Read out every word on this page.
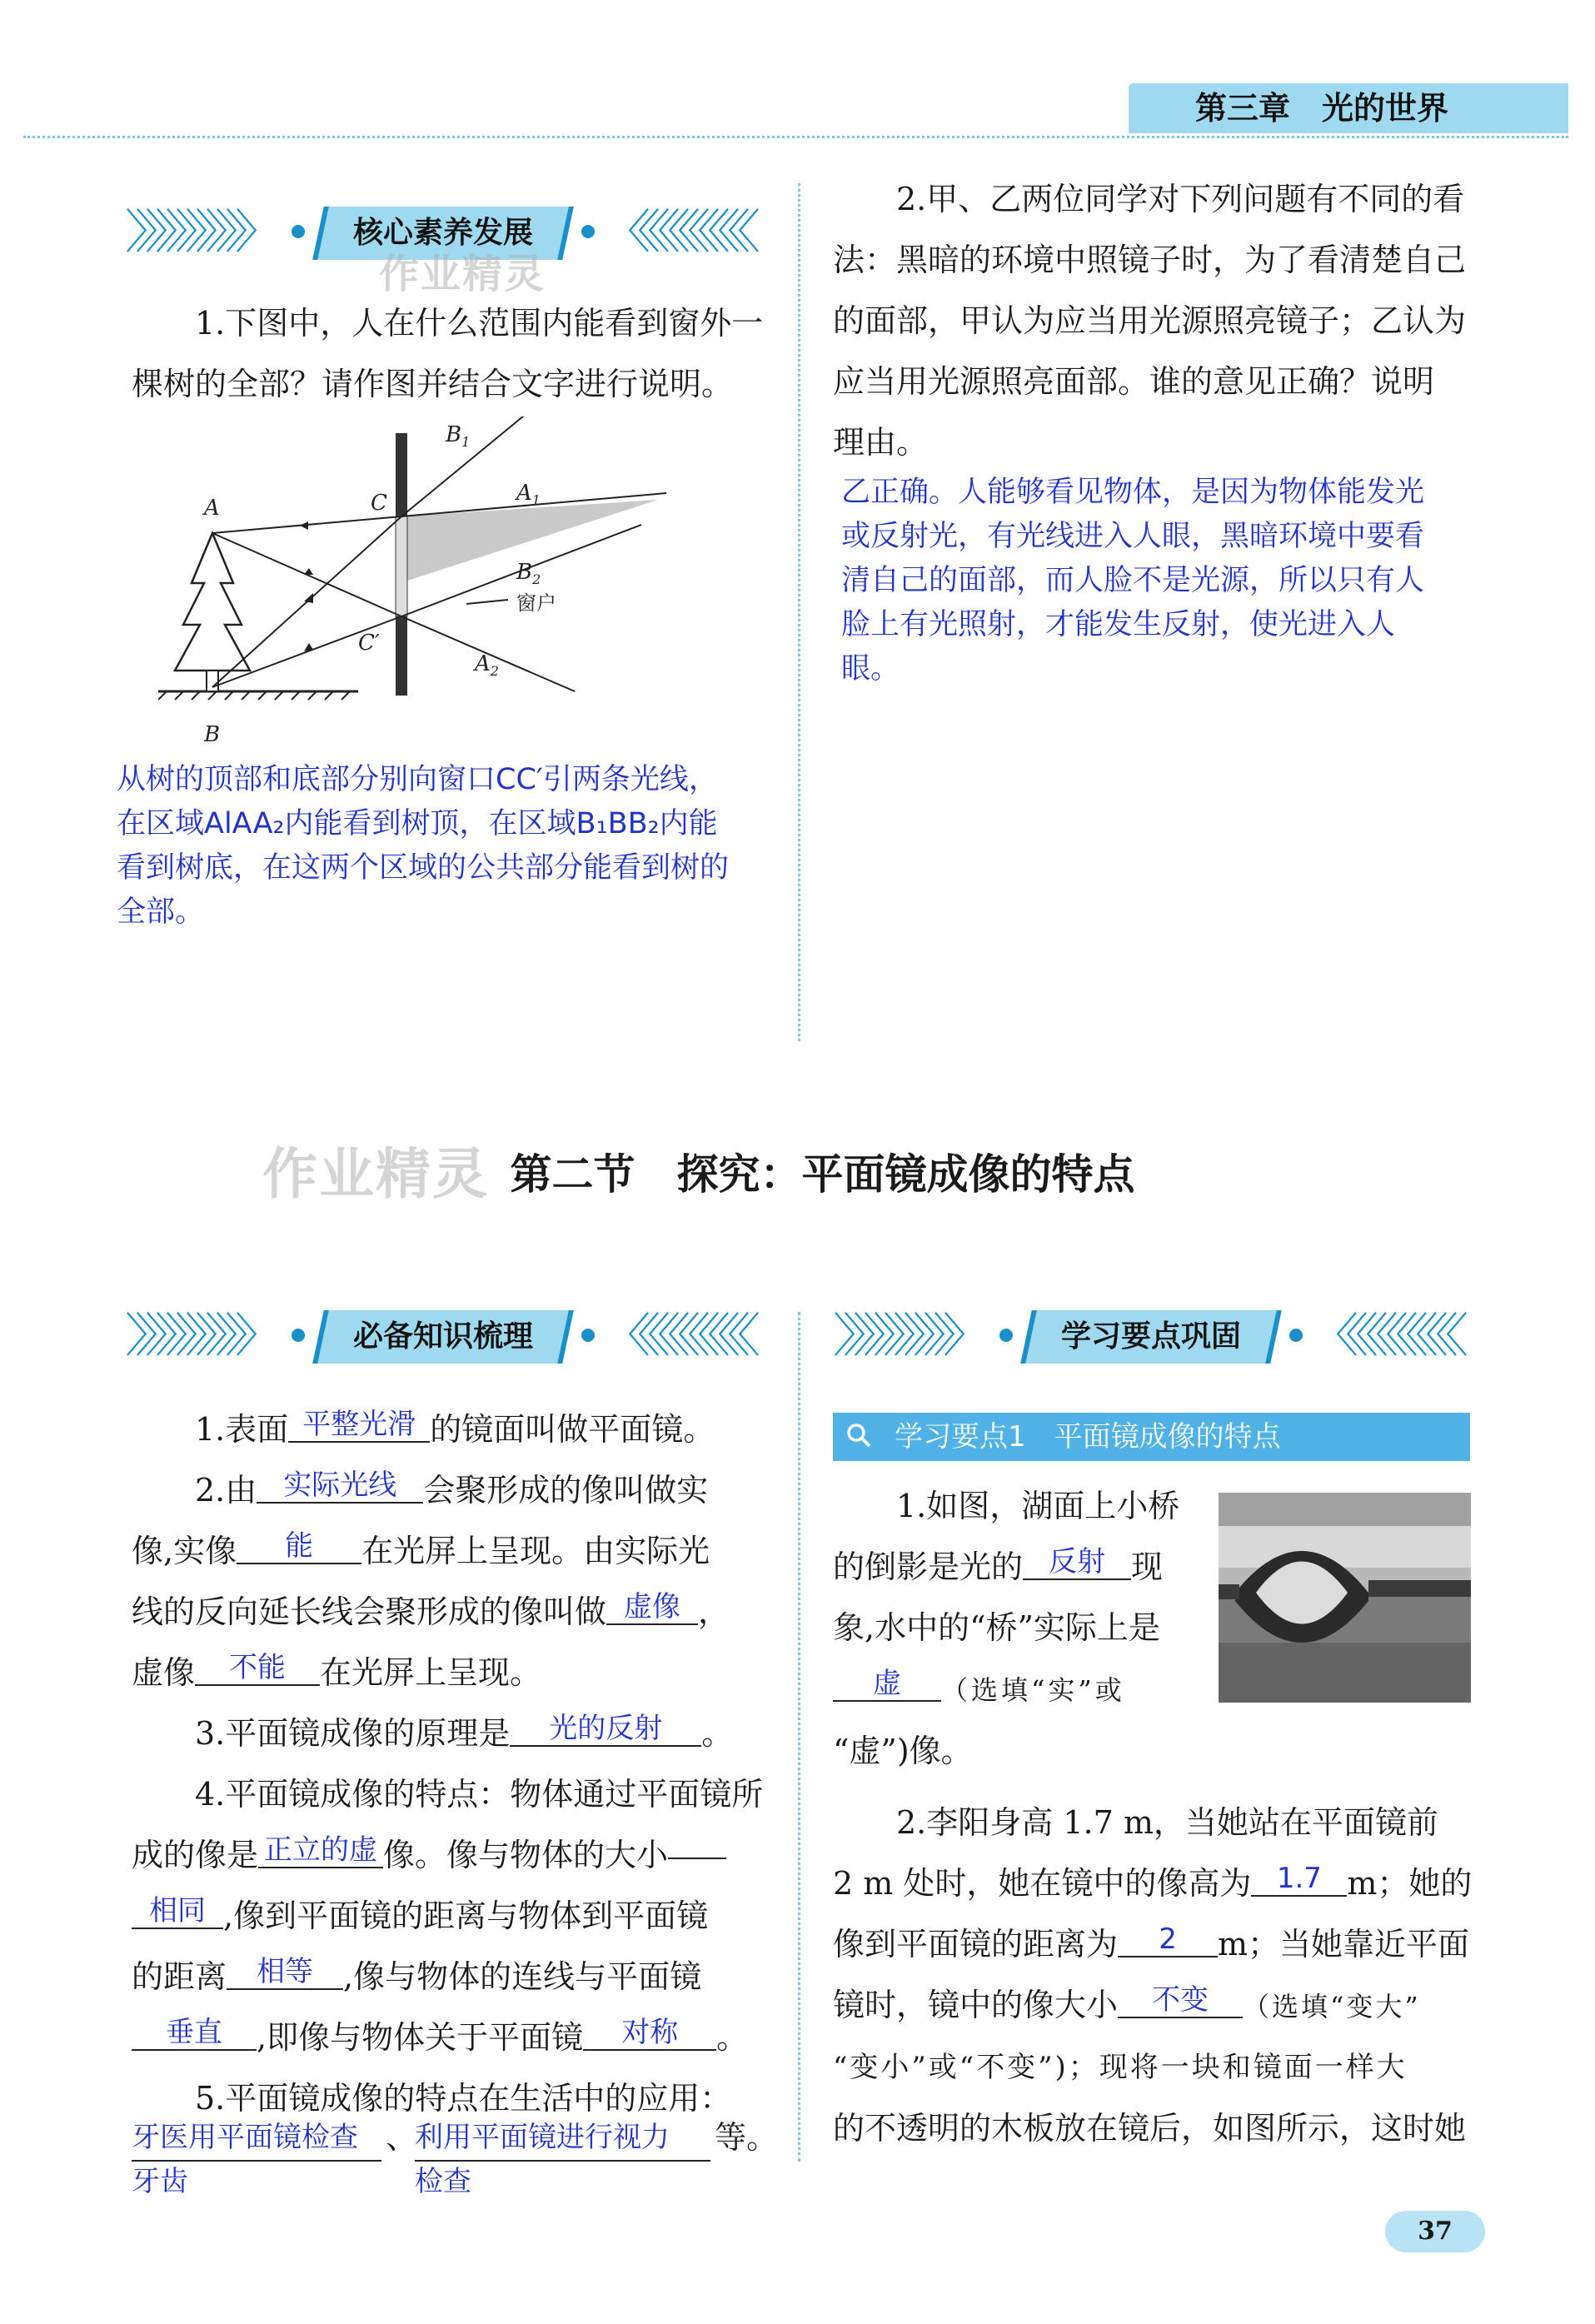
第三章　光的世界
〉〉〉〉〉〉〉〉〉〉〉〉	核心素养发展	〈〈〈〈〈〈〈〈〈〈〈〈
作业精灵
1.下图中，人在什么范围内能看到窗外一
棵树的全部？请作图并结合文字进行说明。
A
B
C
C′
$B_1$
$A_1$
$B_2$
$A_2$
窗户
从树的顶部和底部分别向窗口CC′引两条光线，
在区域AlAA₂内能看到树顶，在区域B₁BB₂内能
看到树底，在这两个区域的公共部分能看到树的
全部。
2.甲、乙两位同学对下列问题有不同的看
法：黑暗的环境中照镜子时，为了看清楚自己
的面部，甲认为应当用光源照亮镜子；乙认为
应当用光源照亮面部。谁的意见正确？说明
理由。
乙正确。人能够看见物体，是因为物体能发光
或反射光，有光线进入人眼，黑暗环境中要看
清自己的面部，而人脸不是光源，所以只有人
脸上有光照射，才能发生反射，使光进入人
眼。
作业精灵 第二节　探究：平面镜成像的特点
〉〉〉〉〉〉〉〉〉〉〉〉	必备知识梳理	〈〈〈〈〈〈〈〈〈〈〈〈	〉〉〉〉〉〉〉〉〉〉〉〉	学习要点巩固	〈〈〈〈〈〈〈〈〈〈〈〈
1.表面 平整光滑 的镜面叫做平面镜。
2.由 实际光线 会聚形成的像叫做实
像,实像 能 在光屏上呈现。由实际光
线的反向延长线会聚形成的像叫做 虚像 ，
虚像 不能 在光屏上呈现。
3.平面镜成像的原理是 光的反射 。
4.平面镜成像的特点：物体通过平面镜所
成的像是 正立的虚 像。像与物体的大小
相同 ,像到平面镜的距离与物体到平面镜
的距离 相等 ,像与物体的连线与平面镜
垂直 ,即像与物体关于平面镜 对称 。
5.平面镜成像的特点在生活中的应用：
牙医用平面镜检查
牙齿
、
利用平面镜进行视力
检查
等。
学习要点1　平面镜成像的特点
1.如图，湖面上小桥
的倒影是光的 反射 现
象,水中的“桥”实际上是
虚 （选填“实”或
“虚”)像。
2.李阳身高 1.7 m，当她站在平面镜前
2 m 处时，她在镜中的像高为 1.7 m；她的
像到平面镜的距离为 2 m；当她靠近平面
镜时，镜中的像大小 不变 （选填“变大”
“变小”或“不变”)；现将一块和镜面一样大
的不透明的木板放在镜后，如图所示，这时她
37
